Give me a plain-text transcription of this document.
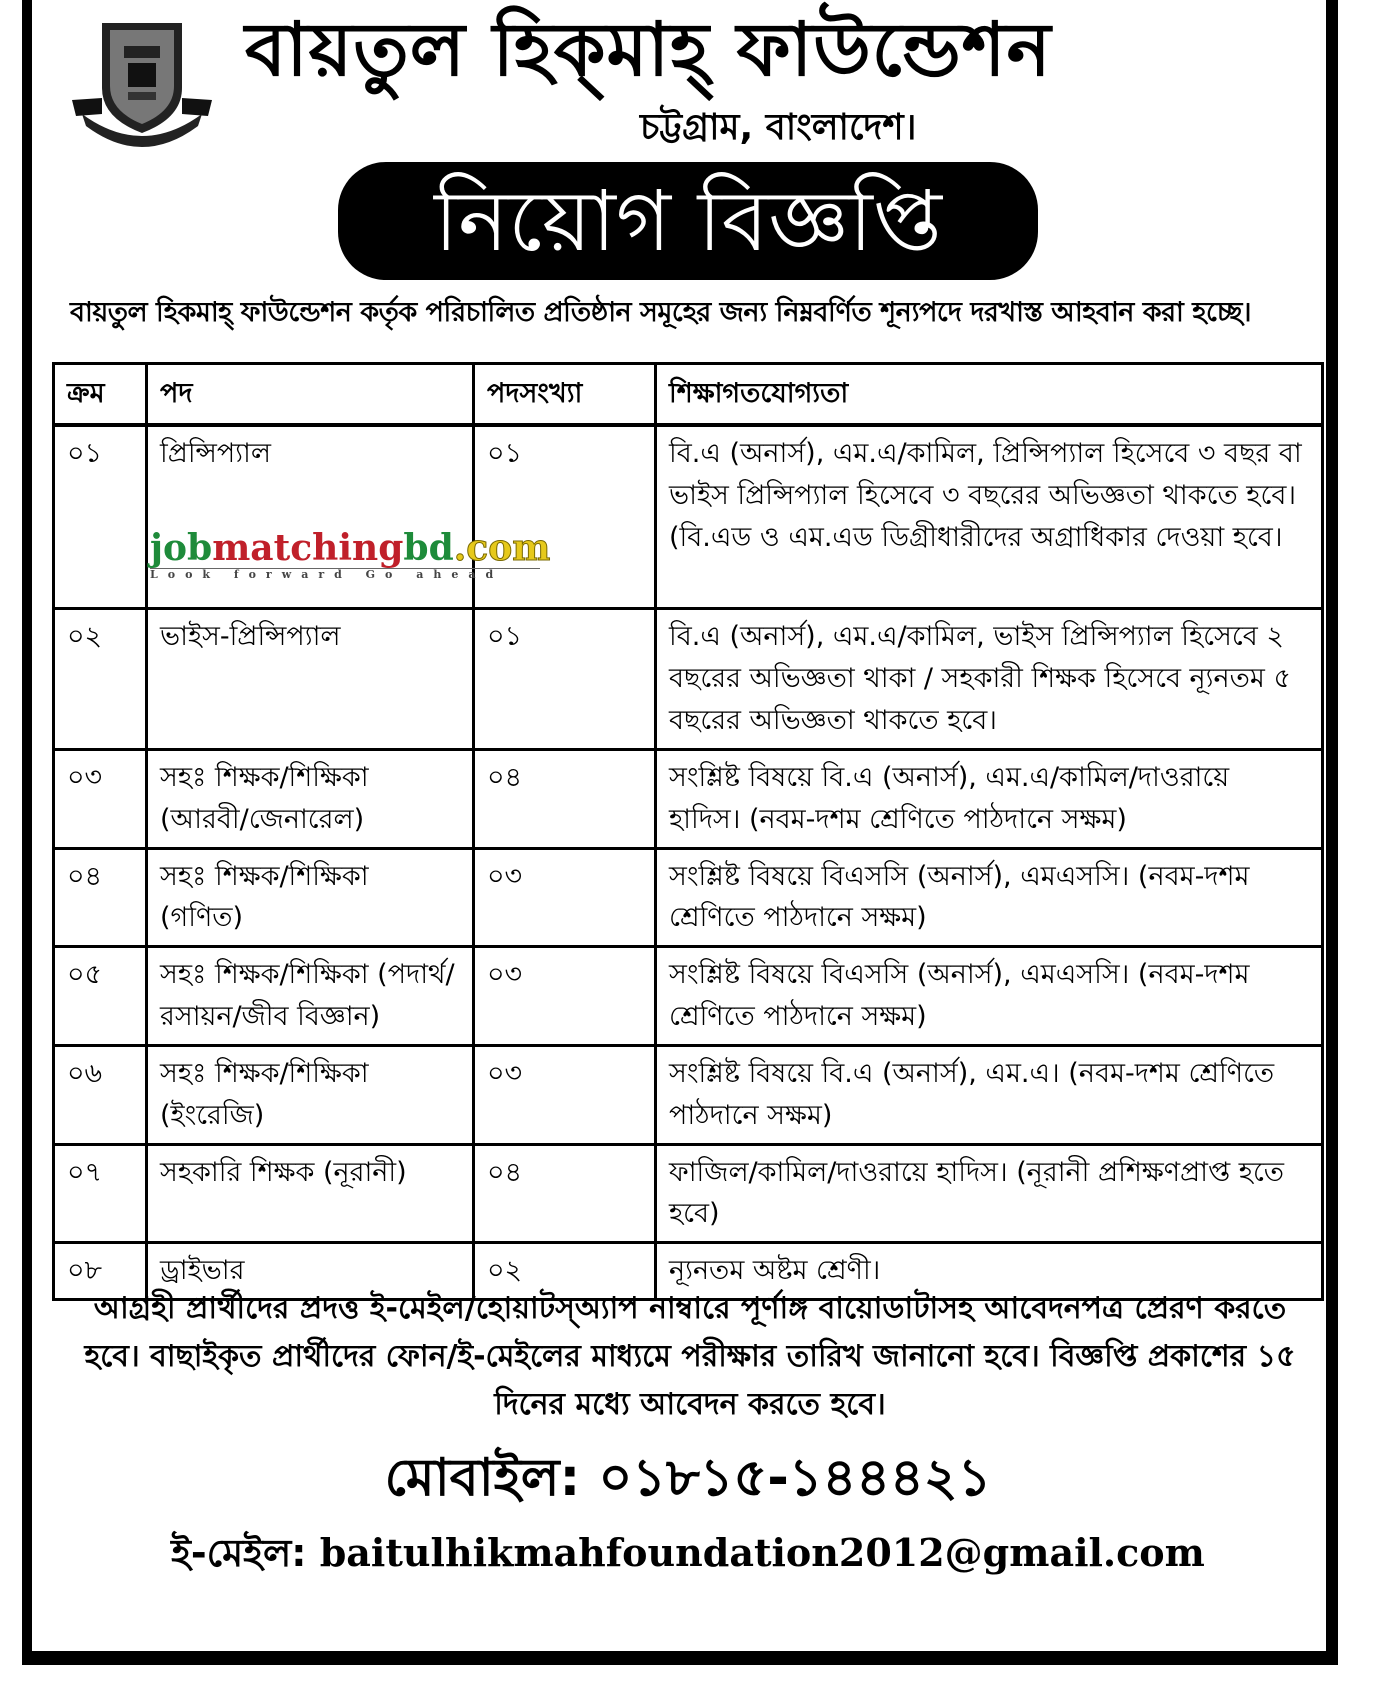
বায়তুল হিক্‌মাহ্‌ ফাউন্ডেশন
চট্টগ্রাম, বাংলাদেশ।
নিয়োগ বিজ্ঞপ্তি
বায়তুল হিকমাহ্‌ ফাউন্ডেশন কর্তৃক পরিচালিত প্রতিষ্ঠান সমূহের জন্য নিম্নবর্ণিত শূন্যপদে দরখাস্ত আহবান করা হচ্ছে।
ক্রম	পদ	পদসংখ্যা	শিক্ষাগতযোগ্যতা
০১	প্রিন্সিপ্যাল	০১	বি.এ (অনার্স), এম.এ/কামিল, প্রিন্সিপ্যাল হিসেবে ৩ বছর বা ভাইস প্রিন্সিপ্যাল হিসেবে ৩ বছরের অভিজ্ঞতা থাকতে হবে। (বি.এড ও এম.এড ডিগ্রীধারীদের অগ্রাধিকার দেওয়া হবে।
০২	ভাইস-প্রিন্সিপ্যাল	০১	বি.এ (অনার্স), এম.এ/কামিল, ভাইস প্রিন্সিপ্যাল হিসেবে ২ বছরের অভিজ্ঞতা থাকা / সহকারী শিক্ষক হিসেবে ন্যূনতম ৫ বছরের অভিজ্ঞতা থাকতে হবে।
০৩	সহঃ শিক্ষক/শিক্ষিকা (আরবী/জেনারেল)	০৪	সংশ্লিষ্ট বিষয়ে বি.এ (অনার্স), এম.এ/কামিল/দাওরায়ে হাদিস। (নবম-দশম শ্রেণিতে পাঠদানে সক্ষম)
০৪	সহঃ শিক্ষক/শিক্ষিকা (গণিত)	০৩	সংশ্লিষ্ট বিষয়ে বিএসসি (অনার্স), এমএসসি। (নবম-দশম শ্রেণিতে পাঠদানে সক্ষম)
০৫	সহঃ শিক্ষক/শিক্ষিকা (পদার্থ/রসায়ন/জীব বিজ্ঞান)	০৩	সংশ্লিষ্ট বিষয়ে বিএসসি (অনার্স), এমএসসি। (নবম-দশম শ্রেণিতে পাঠদানে সক্ষম)
০৬	সহঃ শিক্ষক/শিক্ষিকা (ইংরেজি)	০৩	সংশ্লিষ্ট বিষয়ে বি.এ (অনার্স), এম.এ। (নবম-দশম শ্রেণিতে পাঠদানে সক্ষম)
০৭	সহকারি শিক্ষক (নূরানী)	০৪	ফাজিল/কামিল/দাওরায়ে হাদিস। (নূরানী প্রশিক্ষণপ্রাপ্ত হতে হবে)
০৮	ড্রাইভার	০২	ন্যূনতম অষ্টম শ্রেণী।
jobmatchingbd.com
Look forward Go ahead
আগ্রহী প্রার্থীদের প্রদত্ত ই-মেইল/হোয়াটস্‌অ্যাপ নাম্বারে পূর্ণাঙ্গ বায়োডাটাসহ আবেদনপত্র প্রেরণ করতে হবে। বাছাইকৃত প্রার্থীদের ফোন/ই-মেইলের মাধ্যমে পরীক্ষার তারিখ জানানো হবে। বিজ্ঞপ্তি প্রকাশের ১৫ দিনের মধ্যে আবেদন করতে হবে।
মোবাইল: ০১৮১৫-১৪৪৪২১
ই-মেইল: baitulhikmahfoundation2012@gmail.com
